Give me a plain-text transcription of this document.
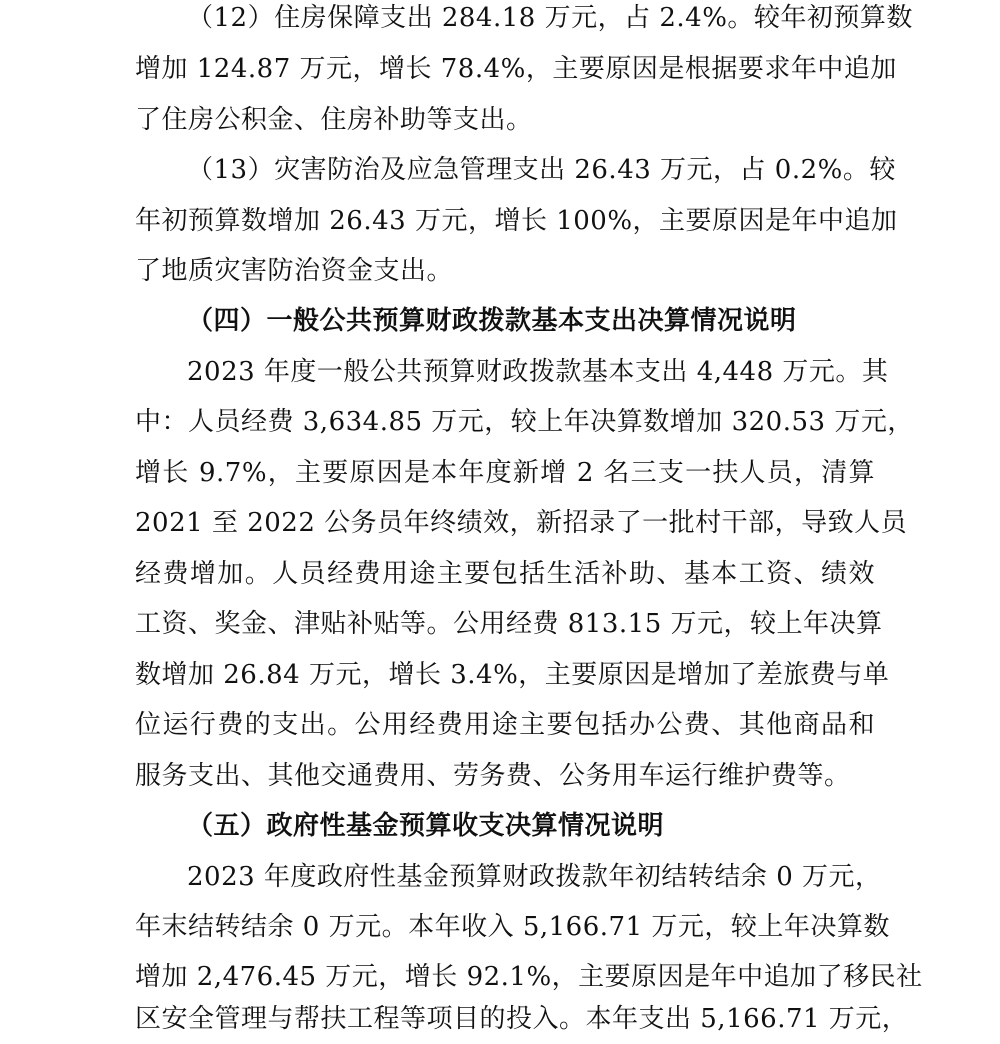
（12）住房保障支出 284.18 万元，占 2.4%。较年初预算数
增加 124.87 万元，增长 78.4%，主要原因是根据要求年中追加
了住房公积金、住房补助等支出。
（13）灾害防治及应急管理支出 26.43 万元，占 0.2%。较
年初预算数增加 26.43 万元，增长 100%，主要原因是年中追加
了地质灾害防治资金支出。
（四）一般公共预算财政拨款基本支出决算情况说明
2023 年度一般公共预算财政拨款基本支出 4,448 万元。其
中：人员经费 3,634.85 万元，较上年决算数增加 320.53 万元，
增长 9.7%，主要原因是本年度新增 2 名三支一扶人员，清算
2021 至 2022 公务员年终绩效，新招录了一批村干部，导致人员
经费增加。人员经费用途主要包括生活补助、基本工资、绩效
工资、奖金、津贴补贴等。公用经费 813.15 万元，较上年决算
数增加 26.84 万元，增长 3.4%，主要原因是增加了差旅费与单
位运行费的支出。公用经费用途主要包括办公费、其他商品和
服务支出、其他交通费用、劳务费、公务用车运行维护费等。
（五）政府性基金预算收支决算情况说明
2023 年度政府性基金预算财政拨款年初结转结余 0 万元，
年末结转结余 0 万元。本年收入 5,166.71 万元，较上年决算数
增加 2,476.45 万元，增长 92.1%，主要原因是年中追加了移民社
区安全管理与帮扶工程等项目的投入。本年支出 5,166.71 万元，
